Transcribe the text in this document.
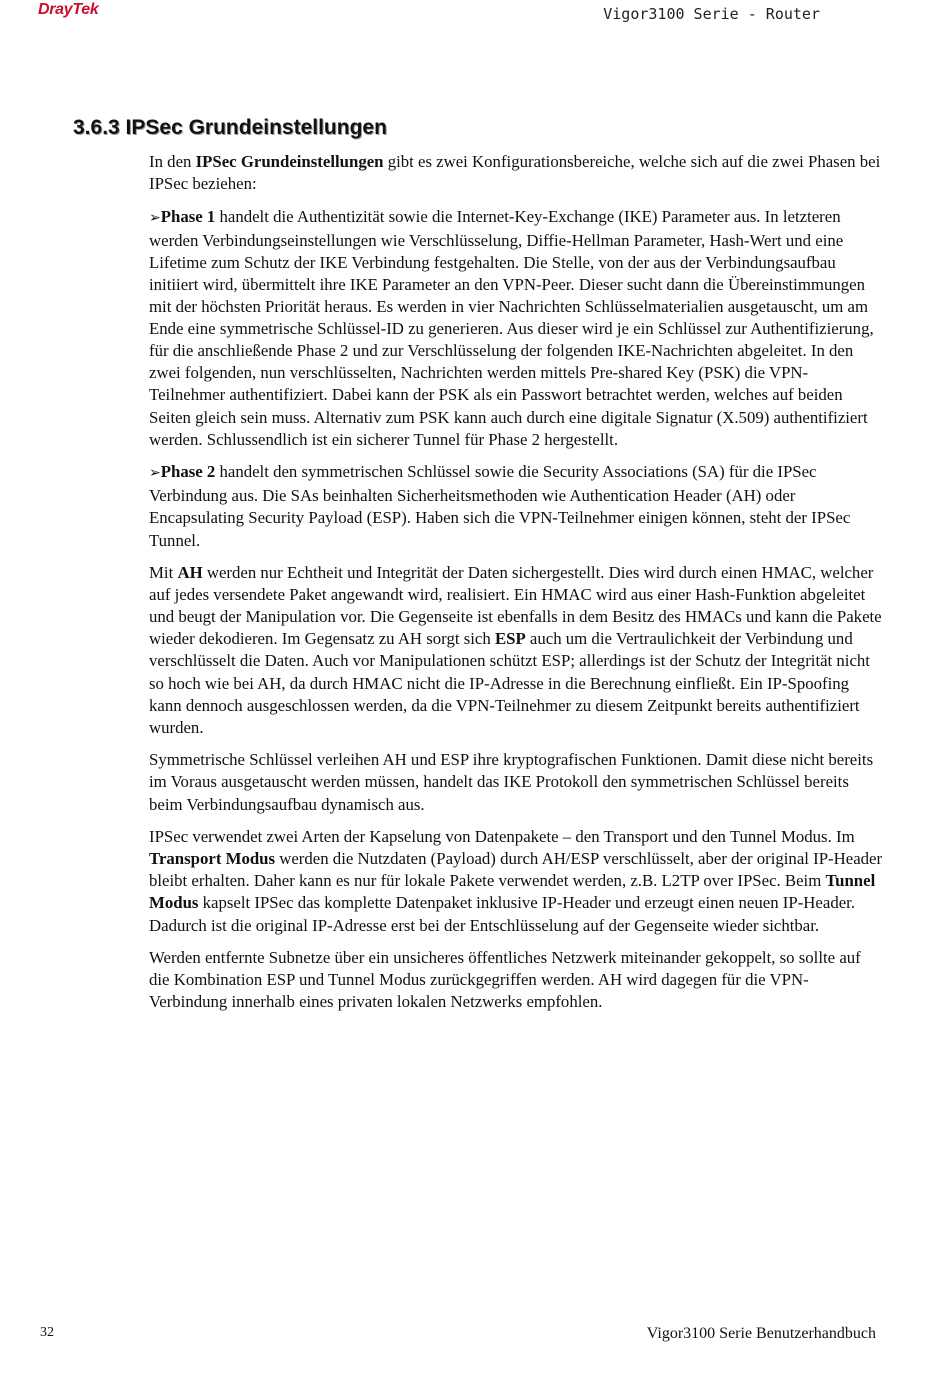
DrayTek	Vigor3100 Serie - Router
3.6.3 IPSec Grundeinstellungen

In den IPSec Grundeinstellungen gibt es zwei Konfigurationsbereiche, welche sich auf die zwei Phasen bei IPSec beziehen:

➢Phase 1 handelt die Authentizität sowie die Internet-Key-Exchange (IKE) Parameter aus. In letzteren werden Verbindungseinstellungen wie Verschlüsselung, Diffie-Hellman Parameter, Hash-Wert und eine Lifetime zum Schutz der IKE Verbindung festgehalten. Die Stelle, von der aus der Verbindungsaufbau initiiert wird, übermittelt ihre IKE Parameter an den VPN-Peer. Dieser sucht dann die Übereinstimmungen mit der höchsten Priorität heraus. Es werden in vier Nachrichten Schlüsselmaterialien ausgetauscht, um am Ende eine symmetrische Schlüssel-ID zu generieren. Aus dieser wird je ein Schlüssel zur Authentifizierung, für die anschließende Phase 2 und zur Verschlüsselung der folgenden IKE-Nachrichten abgeleitet. In den zwei folgenden, nun verschlüsselten, Nachrichten werden mittels Pre-shared Key (PSK) die VPN-Teilnehmer authentifiziert. Dabei kann der PSK als ein Passwort betrachtet werden, welches auf beiden Seiten gleich sein muss. Alternativ zum PSK kann auch durch eine digitale Signatur (X.509) authentifiziert werden. Schlussendlich ist ein sicherer Tunnel für Phase 2 hergestellt.

➢Phase 2 handelt den symmetrischen Schlüssel sowie die Security Associations (SA) für die IPSec Verbindung aus. Die SAs beinhalten Sicherheitsmethoden wie Authentication Header (AH) oder Encapsulating Security Payload (ESP). Haben sich die VPN-Teilnehmer einigen können, steht der IPSec Tunnel.

Mit AH werden nur Echtheit und Integrität der Daten sichergestellt. Dies wird durch einen HMAC, welcher auf jedes versendete Paket angewandt wird, realisiert. Ein HMAC wird aus einer Hash-Funktion abgeleitet und beugt der Manipulation vor. Die Gegenseite ist ebenfalls in dem Besitz des HMACs und kann die Pakete wieder dekodieren. Im Gegensatz zu AH sorgt sich ESP auch um die Vertraulichkeit der Verbindung und verschlüsselt die Daten. Auch vor Manipulationen schützt ESP; allerdings ist der Schutz der Integrität nicht so hoch wie bei AH, da durch HMAC nicht die IP-Adresse in die Berechnung einfließt. Ein IP-Spoofing kann dennoch ausgeschlossen werden, da die VPN-Teilnehmer zu diesem Zeitpunkt bereits authentifiziert wurden.

Symmetrische Schlüssel verleihen AH und ESP ihre kryptografischen Funktionen. Damit diese nicht bereits im Voraus ausgetauscht werden müssen, handelt das IKE Protokoll den symmetrischen Schlüssel bereits beim Verbindungsaufbau dynamisch aus.

IPSec verwendet zwei Arten der Kapselung von Datenpakete – den Transport und den Tunnel Modus. Im Transport Modus werden die Nutzdaten (Payload) durch AH/ESP verschlüsselt, aber der original IP-Header bleibt erhalten. Daher kann es nur für lokale Pakete verwendet werden, z.B. L2TP over IPSec. Beim Tunnel Modus kapselt IPSec das komplette Datenpaket inklusive IP-Header und erzeugt einen neuen IP-Header. Dadurch ist die original IP-Adresse erst bei der Entschlüsselung auf der Gegenseite wieder sichtbar.

Werden entfernte Subnetze über ein unsicheres öffentliches Netzwerk miteinander gekoppelt, so sollte auf die Kombination ESP und Tunnel Modus zurückgegriffen werden. AH wird dagegen für die VPN-Verbindung innerhalb eines privaten lokalen Netzwerks empfohlen.

32	Vigor3100 Serie Benutzerhandbuch
